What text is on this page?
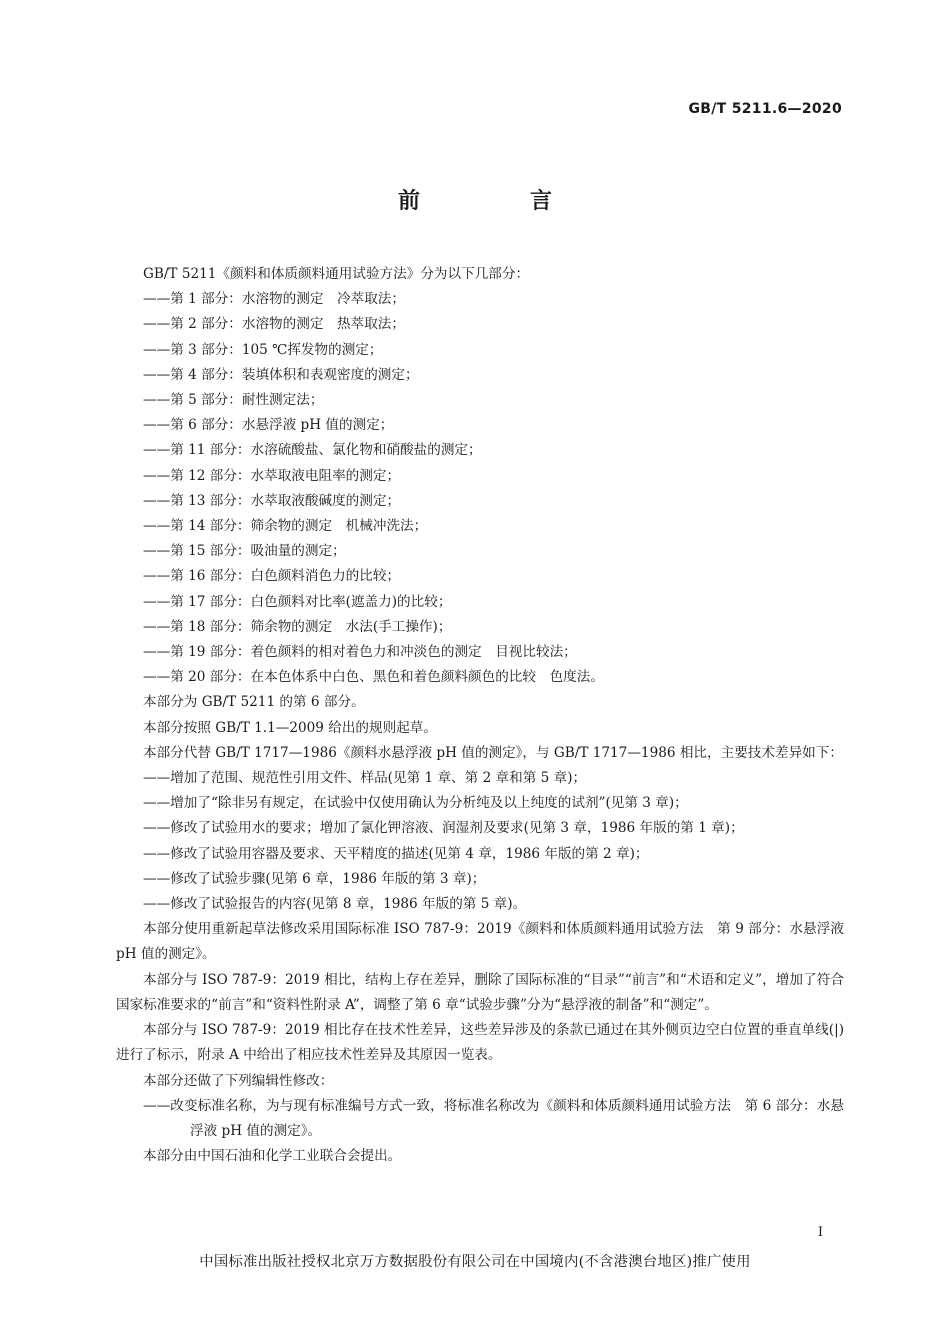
GB/T 5211.6—2020
前　言

GB/T 5211《颜料和体质颜料通用试验方法》分为以下几部分：

——第 1 部分：水溶物的测定　冷萃取法；

——第 2 部分：水溶物的测定　热萃取法；

——第 3 部分：105 ℃挥发物的测定；

——第 4 部分：装填体积和表观密度的测定；

——第 5 部分：耐性测定法；

——第 6 部分：水悬浮液 pH 值的测定；

——第 11 部分：水溶硫酸盐、氯化物和硝酸盐的测定；

——第 12 部分：水萃取液电阻率的测定；

——第 13 部分：水萃取液酸碱度的测定；

——第 14 部分：筛余物的测定　机械冲洗法；

——第 15 部分：吸油量的测定；

——第 16 部分：白色颜料消色力的比较；

——第 17 部分：白色颜料对比率(遮盖力)的比较；

——第 18 部分：筛余物的测定　水法(手工操作)；

——第 19 部分：着色颜料的相对着色力和冲淡色的测定　目视比较法；

——第 20 部分：在本色体系中白色、黑色和着色颜料颜色的比较　色度法。

本部分为 GB/T 5211 的第 6 部分。

本部分按照 GB/T 1.1—2009 给出的规则起草。

本部分代替 GB/T 1717—1986《颜料水悬浮液 pH 值的测定》，与 GB/T 1717—1986 相比，主要技术差异如下：

——增加了范围、规范性引用文件、样品(见第 1 章、第 2 章和第 5 章)；

——增加了“除非另有规定，在试验中仅使用确认为分析纯及以上纯度的试剂”(见第 3 章)；

——修改了试验用水的要求；增加了氯化钾溶液、润湿剂及要求(见第 3 章，1986 年版的第 1 章)；

——修改了试验用容器及要求、天平精度的描述(见第 4 章，1986 年版的第 2 章)；

——修改了试验步骤(见第 6 章，1986 年版的第 3 章)；

——修改了试验报告的内容(见第 8 章，1986 年版的第 5 章)。

本部分使用重新起草法修改采用国际标准 ISO 787-9：2019《颜料和体质颜料通用试验方法　第 9 部分：水悬浮液 pH 值的测定》。

本部分与 ISO 787-9：2019 相比，结构上存在差异，删除了国际标准的“目录”“前言”和“术语和定义”，增加了符合国家标准要求的“前言”和“资料性附录 A”，调整了第 6 章“试验步骤”分为“悬浮液的制备”和“测定”。

本部分与 ISO 787-9：2019 相比存在技术性差异，这些差异涉及的条款已通过在其外侧页边空白位置的垂直单线(|)进行了标示，附录 A 中给出了相应技术性差异及其原因一览表。

本部分还做了下列编辑性修改：

——改变标准名称，为与现有标准编号方式一致，将标准名称改为《颜料和体质颜料通用试验方法　第 6 部分：水悬浮液 pH 值的测定》。

本部分由中国石油和化学工业联合会提出。

I
中国标准出版社授权北京万方数据股份有限公司在中国境内(不含港澳台地区)推广使用
